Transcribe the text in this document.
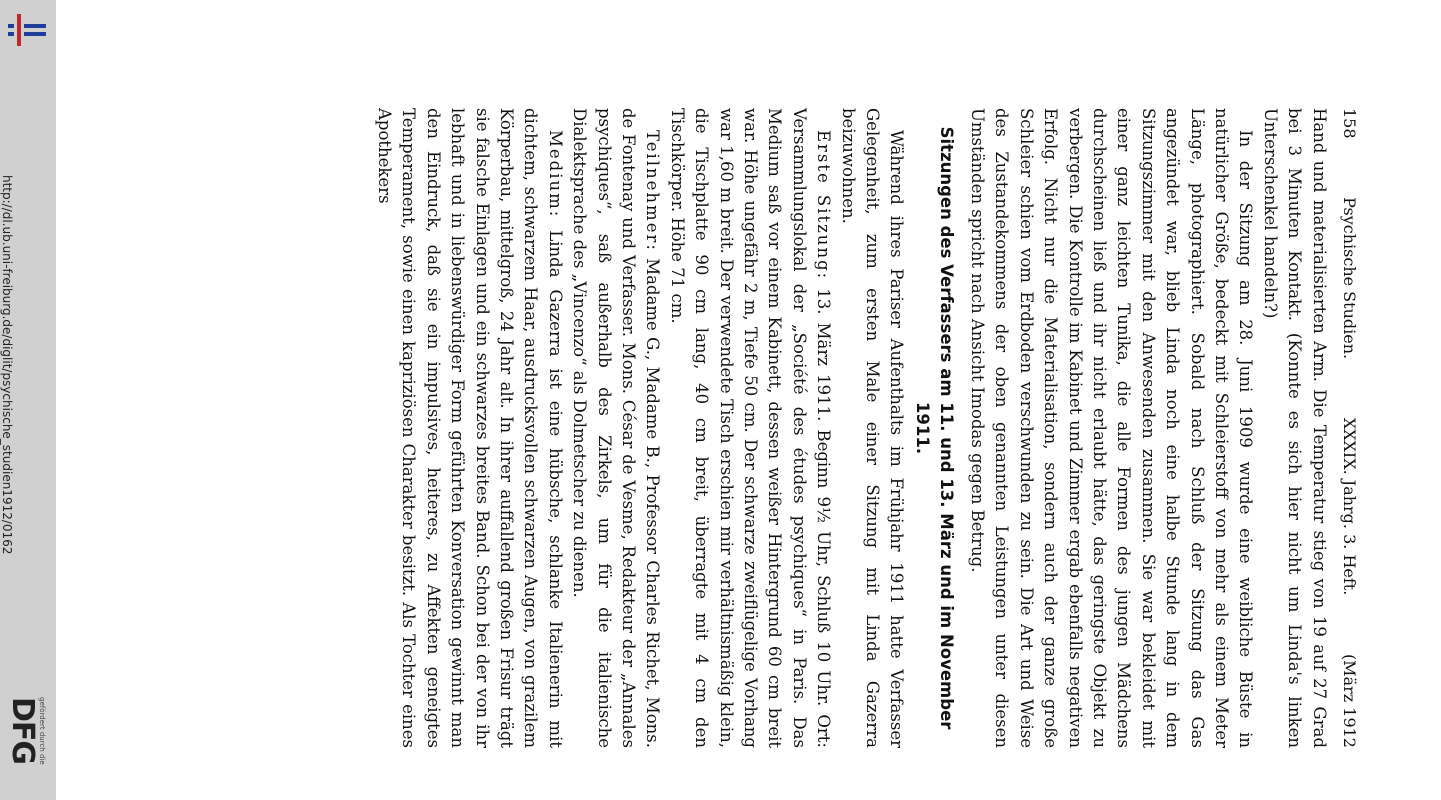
http://dl.ub.uni-freiburg.de/diglit/psychische_studien1912/0162
DFG
gefördert durch die
158
Psychische Studien.
XXXIX. Jahrg. 3. Heft.
(März 1912

Hand und materialisierten Arm. Die Temperatur stieg von 19 auf 27 Grad bei 3 Minuten Kontakt. (Konnte es sich hier nicht um Linda's linken Unterschenkel handeln?)

In der Sitzung am 28. Juni 1909 wurde eine weibliche Büste in natürlicher Größe, bedeckt mit Schleierstoff von mehr als einem Meter Länge, photographiert. Sobald nach Schluß der Sitzung das Gas angezündet war, blieb Linda noch eine halbe Stunde lang in dem Sitzungszimmer mit den Anwesenden zusammen. Sie war bekleidet mit einer ganz leichten Tunika, die alle Formen des jungen Mädchens durchscheinen ließ und ihr nicht erlaubt hätte, das geringste Objekt zu verbergen. Die Kontrolle im Kabinet und Zimmer ergab ebenfalls negativen Erfolg. Nicht nur die Materialisation, sondern auch der ganze große Schleier schien vom Erdboden verschwunden zu sein. Die Art und Weise des Zustandekommens der oben genannten Leistungen unter diesen Umständen spricht nach Ansicht Imodas gegen Betrug.

Sitzungen des Verfassers am 11. und 13. März und im November 1911.

Während ihres Pariser Aufenthalts im Frühjahr 1911 hatte Verfasser Gelegenheit, zum ersten Male einer Sitzung mit Linda Gazerra beizuwohnen.

Erste Sitzung: 13. März 1911. Beginn 9½ Uhr, Schluß 10 Uhr. Ort: Versammlungslokal der „Société des études psychiques“ in Paris. Das Medium saß vor einem Kabinett, dessen weißer Hintergrund 60 cm breit war. Höhe ungefähr 2 m, Tiefe 50 cm. Der schwarze zweiflügelige Vorhang war 1,60 m breit. Der verwendete Tisch erschien mir verhältnismäßig klein, die Tischplatte 90 cm lang, 40 cm breit, überragte mit 4 cm den Tischkörper. Höhe 71 cm.

Teilnehmer: Madame G., Madame B., Professor Charles Richet, Mons. de Fontenay und Verfasser. Mons. César de Vesme, Redakteur der „Annales psychiques“, saß außerhalb des Zirkels, um für die italienische Dialektsprache des „Vincenzo“ als Dolmetscher zu dienen.

Medium: Linda Gazerra ist eine hübsche, schlanke Italienerin mit dichtem, schwarzem Haar, ausdrucksvollen schwarzen Augen, von grazilem Körperbau, mittelgroß, 24 Jahr alt. In ihrer auffallend großen Frisur trägt sie falsche Einlagen und ein schwarzes breites Band. Schon bei der von ihr lebhaft und in liebenswürdiger Form geführten Konversation gewinnt man den Eindruck, daß sie ein impulsives, heiteres, zu Affekten geneigtes Temperament, sowie einen kapriziösen Charakter besitzt. Als Tochter eines Apothekers
